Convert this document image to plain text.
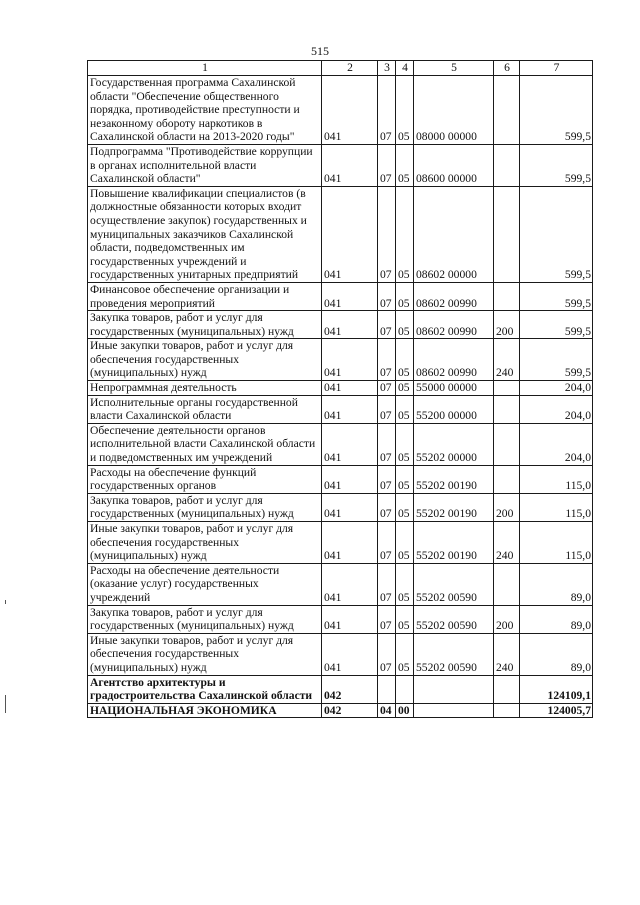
515
1	2	3	4	5	6	7
Государственная программа Сахалинской области "Обеспечение общественного порядка, противодействие преступности и незаконному обороту наркотиков в Сахалинской области на 2013-2020 годы"	041	07	05	08000 00000		599,5
Подпрограмма "Противодействие коррупции в органах исполнительной власти Сахалинской области"	041	07	05	08600 00000		599,5
Повышение квалификации специалистов (в должностные обязанности которых входит осуществление закупок) государственных и муниципальных заказчиков Сахалинской области, подведомственных им государственных учреждений и государственных унитарных предприятий	041	07	05	08602 00000		599,5
Финансовое обеспечение организации и проведения мероприятий	041	07	05	08602 00990		599,5
Закупка товаров, работ и услуг для государственных (муниципальных) нужд	041	07	05	08602 00990	200	599,5
Иные закупки товаров, работ и услуг для обеспечения государственных (муниципальных) нужд	041	07	05	08602 00990	240	599,5
Непрограммная деятельность	041	07	05	55000 00000		204,0
Исполнительные органы государственной власти Сахалинской области	041	07	05	55200 00000		204,0
Обеспечение деятельности органов исполнительной власти Сахалинской области и подведомственных им учреждений	041	07	05	55202 00000		204,0
Расходы на обеспечение функций государственных органов	041	07	05	55202 00190		115,0
Закупка товаров, работ и услуг для государственных (муниципальных) нужд	041	07	05	55202 00190	200	115,0
Иные закупки товаров, работ и услуг для обеспечения государственных (муниципальных) нужд	041	07	05	55202 00190	240	115,0
Расходы на обеспечение деятельности (оказание услуг) государственных учреждений	041	07	05	55202 00590		89,0
Закупка товаров, работ и услуг для государственных (муниципальных) нужд	041	07	05	55202 00590	200	89,0
Иные закупки товаров, работ и услуг для обеспечения государственных (муниципальных) нужд	041	07	05	55202 00590	240	89,0
Агентство архитектуры и градостроительства Сахалинской области	042					124109,1
НАЦИОНАЛЬНАЯ ЭКОНОМИКА	042	04	00			124005,7
